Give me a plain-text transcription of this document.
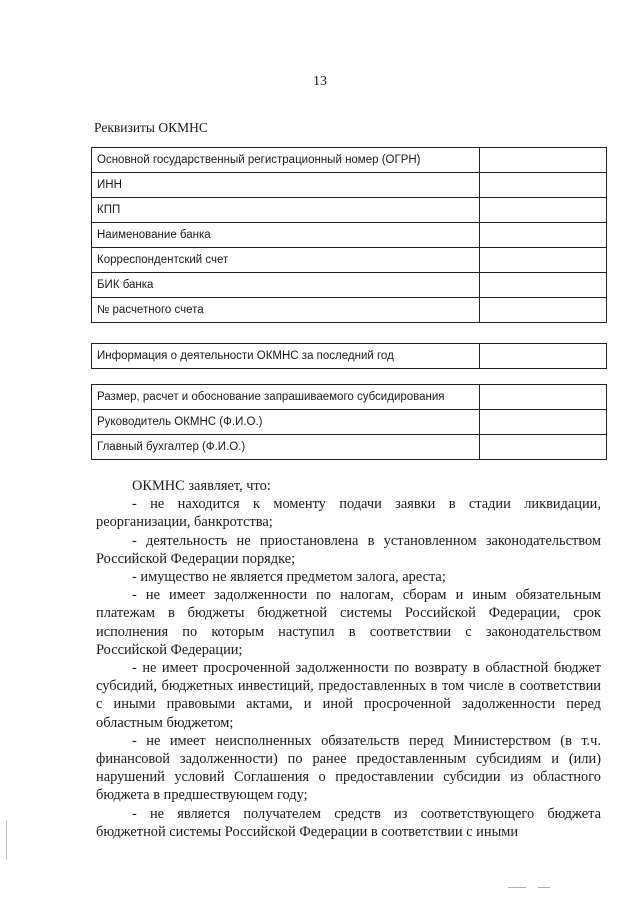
13
Реквизиты ОКМНС
Основной государственный регистрационный номер (ОГРН)	
ИНН	
КПП	
Наименование банка	
Корреспондентский счет	
БИК банка	
№ расчетного счета	
Информация о деятельности ОКМНС за последний год	
Размер, расчет и обоснование запрашиваемого субсидирования	
Руководитель ОКМНС (Ф.И.О.)	
Главный бухгалтер (Ф.И.О.)	

ОКМНС заявляет, что:

- не находится к моменту подачи заявки в стадии ликвидации, реорганизации, банкротства;

- деятельность не приостановлена в установленном законодательством Российской Федерации порядке;

- имущество не является предметом залога, ареста;

- не имеет задолженности по налогам, сборам и иным обязательным платежам в бюджеты бюджетной системы Российской Федерации, срок исполнения по которым наступил в соответствии с законодательством Российской Федерации;

- не имеет просроченной задолженности по возврату в областной бюджет субсидий, бюджетных инвестиций, предоставленных в том числе в соответствии с иными правовыми актами, и иной просроченной задолженности перед областным бюджетом;

- не имеет неисполненных обязательств перед Министерством (в т.ч. финансовой задолженности) по ранее предоставленным субсидиям и (или) нарушений условий Соглашения о предоставлении субсидии из областного бюджета в предшествующем году;

- не является получателем средств из соответствующего бюджета бюджетной системы Российской Федерации в соответствии с иными
